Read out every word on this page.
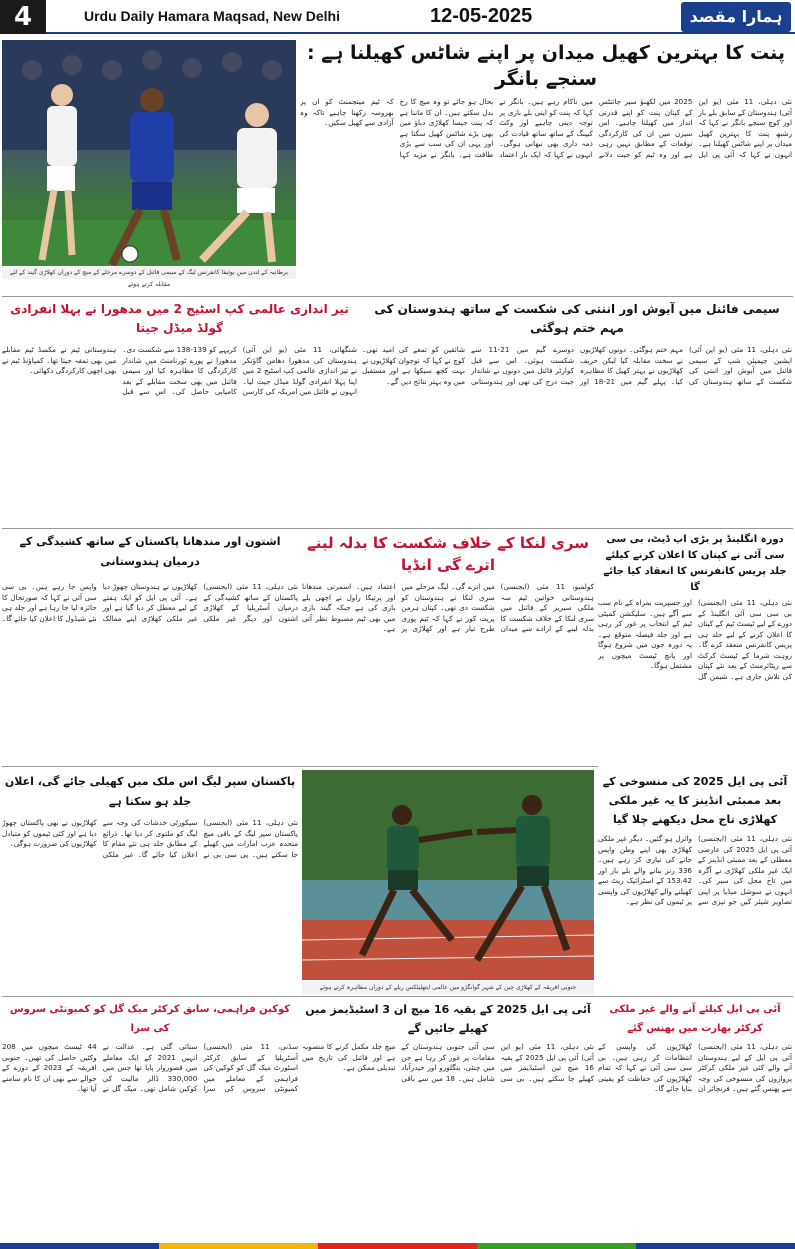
4	Urdu Daily Hamara Maqsad, New Delhi	12-05-2025	ہمارا مقصد
برطانیہ کے لندن میں یوئیفا کانفرنس لیگ کے سیمی فائنل کے دوسرے مرحلے کے میچ کے دوران کھلاڑی گیند کے لئے مقابلہ کرتے ہوئے
پنت کا بہترین کھیل میدان پر اپنے شاٹس کھیلنا ہے : سنجے بانگر
نئی دہلی، 11 مئی (یو این آئی) ہندوستان کے سابق بلے باز اور کوچ سنجے بانگر نے کہا کہ رشبھ پنت کا بہترین کھیل میدان پر اپنے شاٹس کھیلنا ہے۔ انہوں نے کہا کہ آئی پی ایل 2025 میں لکھنؤ سپر جائنٹس کے کپتان پنت کو اپنے قدرتی انداز میں کھیلنا چاہیے۔ اس سیزن میں ان کی کارکردگی توقعات کے مطابق نہیں رہی ہے اور وہ ٹیم کو جیت دلانے میں ناکام رہے ہیں۔ بانگر نے کہا کہ پنت کو اپنی بلے بازی پر توجہ دینی چاہیے اور وکٹ کیپنگ کے ساتھ ساتھ قیادت کی ذمہ داری بھی نبھانی ہوگی۔ انہوں نے کہا کہ ایک بار اعتماد بحال ہو جائے تو وہ میچ کا رخ بدل سکتے ہیں۔ ان کا ماننا ہے کہ پنت جیسا کھلاڑی دباؤ میں بھی بڑے شاٹس کھیل سکتا ہے اور یہی ان کی سب سے بڑی طاقت ہے۔ بانگر نے مزید کہا کہ ٹیم مینجمنٹ کو ان پر بھروسہ رکھنا چاہیے تاکہ وہ آزادی سے کھیل سکیں۔
تیر اندازی عالمی کپ اسٹیج 2 میں مدھورا نے پہلا انفرادی گولڈ میڈل جیتا
شنگھائی، 11 مئی (یو این آئی) ہندوستان کی مدھورا دھامن گاؤنکر نے تیر اندازی عالمی کپ اسٹیج 2 میں اپنا پہلا انفرادی گولڈ میڈل جیت لیا۔ انہوں نے فائنل میں امریکہ کی کارسن کریہے کو 139-138 سے شکست دی۔ مدھورا نے پورے ٹورنامنٹ میں شاندار کارکردگی کا مظاہرہ کیا اور سیمی فائنل میں بھی سخت مقابلے کے بعد کامیابی حاصل کی۔ اس سے قبل ہندوستانی ٹیم نے مکسڈ ٹیم مقابلے میں بھی تمغہ جیتا تھا۔ کمپاؤنڈ ٹیم نے بھی اچھی کارکردگی دکھائی۔
سیمی فائنل میں آیوش اور اننتی کی شکست کے ساتھ ہندوستان کی مہم ختم ہوگئی
نئی دہلی، 11 مئی (یو این آئی) ایشین چیمپئن شپ کے سیمی فائنل میں آیوش اور اننتی کی شکست کے ساتھ ہندوستان کی مہم ختم ہوگئی۔ دونوں کھلاڑیوں نے سخت مقابلہ کیا لیکن حریف کھلاڑیوں نے بہتر کھیل کا مظاہرہ کیا۔ پہلے گیم میں 21-18 اور دوسرے گیم میں 21-11 سے شکست ہوئی۔ اس سے قبل کوارٹر فائنل میں دونوں نے شاندار جیت درج کی تھی اور ہندوستانی شائقین کو تمغے کی امید تھی۔ کوچ نے کہا کہ نوجوان کھلاڑیوں نے بہت کچھ سیکھا ہے اور مستقبل میں وہ بہتر نتائج دیں گے۔
اشتون اور مندھانا پاکستان کے ساتھ کشیدگی کے درمیان ہندوستانی
نئی دہلی، 11 مئی (ایجنسی) پاکستان کے ساتھ کشیدگی کے درمیان آسٹریلیا کے کھلاڑی اشتون اور دیگر غیر ملکی کھلاڑیوں نے ہندوستان چھوڑ دیا ہے۔ آئی پی ایل کو ایک ہفتے کے لیے معطل کر دیا گیا ہے اور غیر ملکی کھلاڑی اپنے ممالک واپس جا رہے ہیں۔ بی سی سی آئی نے کہا کہ صورتحال کا جائزہ لیا جا رہا ہے اور جلد ہی نئے شیڈول کا اعلان کیا جائے گا۔
سری لنکا کے خلاف شکست کا بدلہ لینے اترے گی انڈیا
کولمبو، 11 مئی (ایجنسی) ہندوستانی خواتین ٹیم سہ ملکی سیریز کے فائنل میں سری لنکا کے خلاف شکست کا بدلہ لینے کے ارادے سے میدان میں اترے گی۔ لیگ مرحلے میں سری لنکا نے ہندوستان کو شکست دی تھی۔ کپتان ہرمن پریت کور نے کہا کہ ٹیم پوری طرح تیار ہے اور کھلاڑی پر اعتماد ہیں۔ اسمرتی مندھانا اور پرتیکا راول نے اچھی بلے بازی کی ہے جبکہ گیند بازی میں بھی ٹیم مضبوط نظر آتی ہے۔
دورہ انگلینڈ پر بڑی اپ ڈیٹ، بی سی سی آئی نے کپتان کا اعلان کرنے کیلئے جلد پریس کانفرنس کا انعقاد کیا جائے گا
نئی دہلی، 11 مئی (ایجنسی) بی سی سی آئی انگلینڈ کے دورے کے لیے ٹیسٹ ٹیم کے کپتان کا اعلان کرنے کے لیے جلد ہی پریس کانفرنس منعقد کرے گا۔ روہت شرما کے ٹیسٹ کرکٹ سے ریٹائرمنٹ کے بعد نئے کپتان کی تلاش جاری ہے۔ شبمن گل اور جسپریت بمراہ کے نام سب سے آگے ہیں۔ سلیکشن کمیٹی ٹیم کے انتخاب پر غور کر رہی ہے اور جلد فیصلہ متوقع ہے۔ یہ دورہ جون میں شروع ہوگا اور پانچ ٹیسٹ میچوں پر مشتمل ہوگا۔
پاکستان سپر لیگ اس ملک میں کھیلی جائے گی، اعلان جلد ہو سکتا ہے
نئی دہلی، 11 مئی (ایجنسی) پاکستان سپر لیگ کے باقی میچ متحدہ عرب امارات میں کھیلے جا سکتے ہیں۔ پی سی بی نے سیکورٹی خدشات کی وجہ سے لیگ کو ملتوی کر دیا تھا۔ ذرائع کے مطابق جلد ہی نئے مقام کا اعلان کیا جائے گا۔ غیر ملکی کھلاڑیوں نے بھی پاکستان چھوڑ دیا ہے اور کئی ٹیموں کو متبادل کھلاڑیوں کی ضرورت ہوگی۔
جنوبی افریقہ کے کھلاڑی چین کے شہر گوانگژو میں عالمی ایتھلیٹکس ریلے کے دوران مظاہرہ کرتے ہوئے
آئی پی ایل 2025 کی منسوخی کے بعد ممبئی انڈینز کا یہ غیر ملکی کھلاڑی تاج محل دیکھنے چلا گیا
نئی دہلی، 11 مئی (ایجنسی) آئی پی ایل 2025 کی عارضی معطلی کے بعد ممبئی انڈینز کے ایک غیر ملکی کھلاڑی نے آگرہ میں تاج محل کی سیر کی۔ انہوں نے سوشل میڈیا پر اپنی تصاویر شیئر کیں جو تیزی سے وائرل ہو گئیں۔ دیگر غیر ملکی کھلاڑی بھی اپنے وطن واپس جانے کی تیاری کر رہے ہیں۔ 336 رنز بنانے والے بلے باز اور 153.42 کے اسٹرائیک ریٹ سے کھیلنے والے کھلاڑیوں کی واپسی پر ٹیموں کی نظر ہے۔
کوکین فراہمی، سابق کرکٹر میک گل کو کمیونٹی سروس کی سزا
سڈنی، 11 مئی (ایجنسی) آسٹریلیا کے سابق کرکٹر اسٹورٹ میک گل کو کوکین کی فراہمی کے معاملے میں کمیونٹی سروس کی سزا سنائی گئی ہے۔ عدالت نے انہیں 2021 کے ایک معاملے میں قصوروار پایا تھا جس میں 330,000 ڈالر مالیت کی کوکین شامل تھی۔ میک گل نے 44 ٹیسٹ میچوں میں 208 وکٹیں حاصل کی تھیں۔ جنوبی افریقہ کے 2023 کے دورے کے حوالے سے بھی ان کا نام سامنے آیا تھا۔
آئی پی ایل 2025 کے بقیہ 16 میچ ان 3 اسٹیڈیمز میں کھیلے جائیں گے
نئی دہلی، 11 مئی (یو این آئی) آئی پی ایل 2025 کے بقیہ 16 میچ تین اسٹیڈیمز میں کھیلے جا سکتے ہیں۔ بی سی سی آئی جنوبی ہندوستان کے مقامات پر غور کر رہا ہے جن میں چنئی، بنگلورو اور حیدرآباد شامل ہیں۔ 18 میں سے باقی میچ جلد مکمل کرنے کا منصوبہ ہے اور فائنل کی تاریخ میں تبدیلی ممکن ہے۔
آئی پی ایل کیلئے آنے والے غیر ملکی کرکٹر بھارت میں پھنس گئے
نئی دہلی، 11 مئی (ایجنسی) آئی پی ایل کے لیے ہندوستان آنے والے کئی غیر ملکی کرکٹر پروازوں کی منسوخی کی وجہ سے پھنس گئے ہیں۔ فرنچائز ان کھلاڑیوں کی واپسی کے انتظامات کر رہی ہیں۔ بی سی سی آئی نے کہا کہ تمام کھلاڑیوں کی حفاظت کو یقینی بنایا جائے گا۔
